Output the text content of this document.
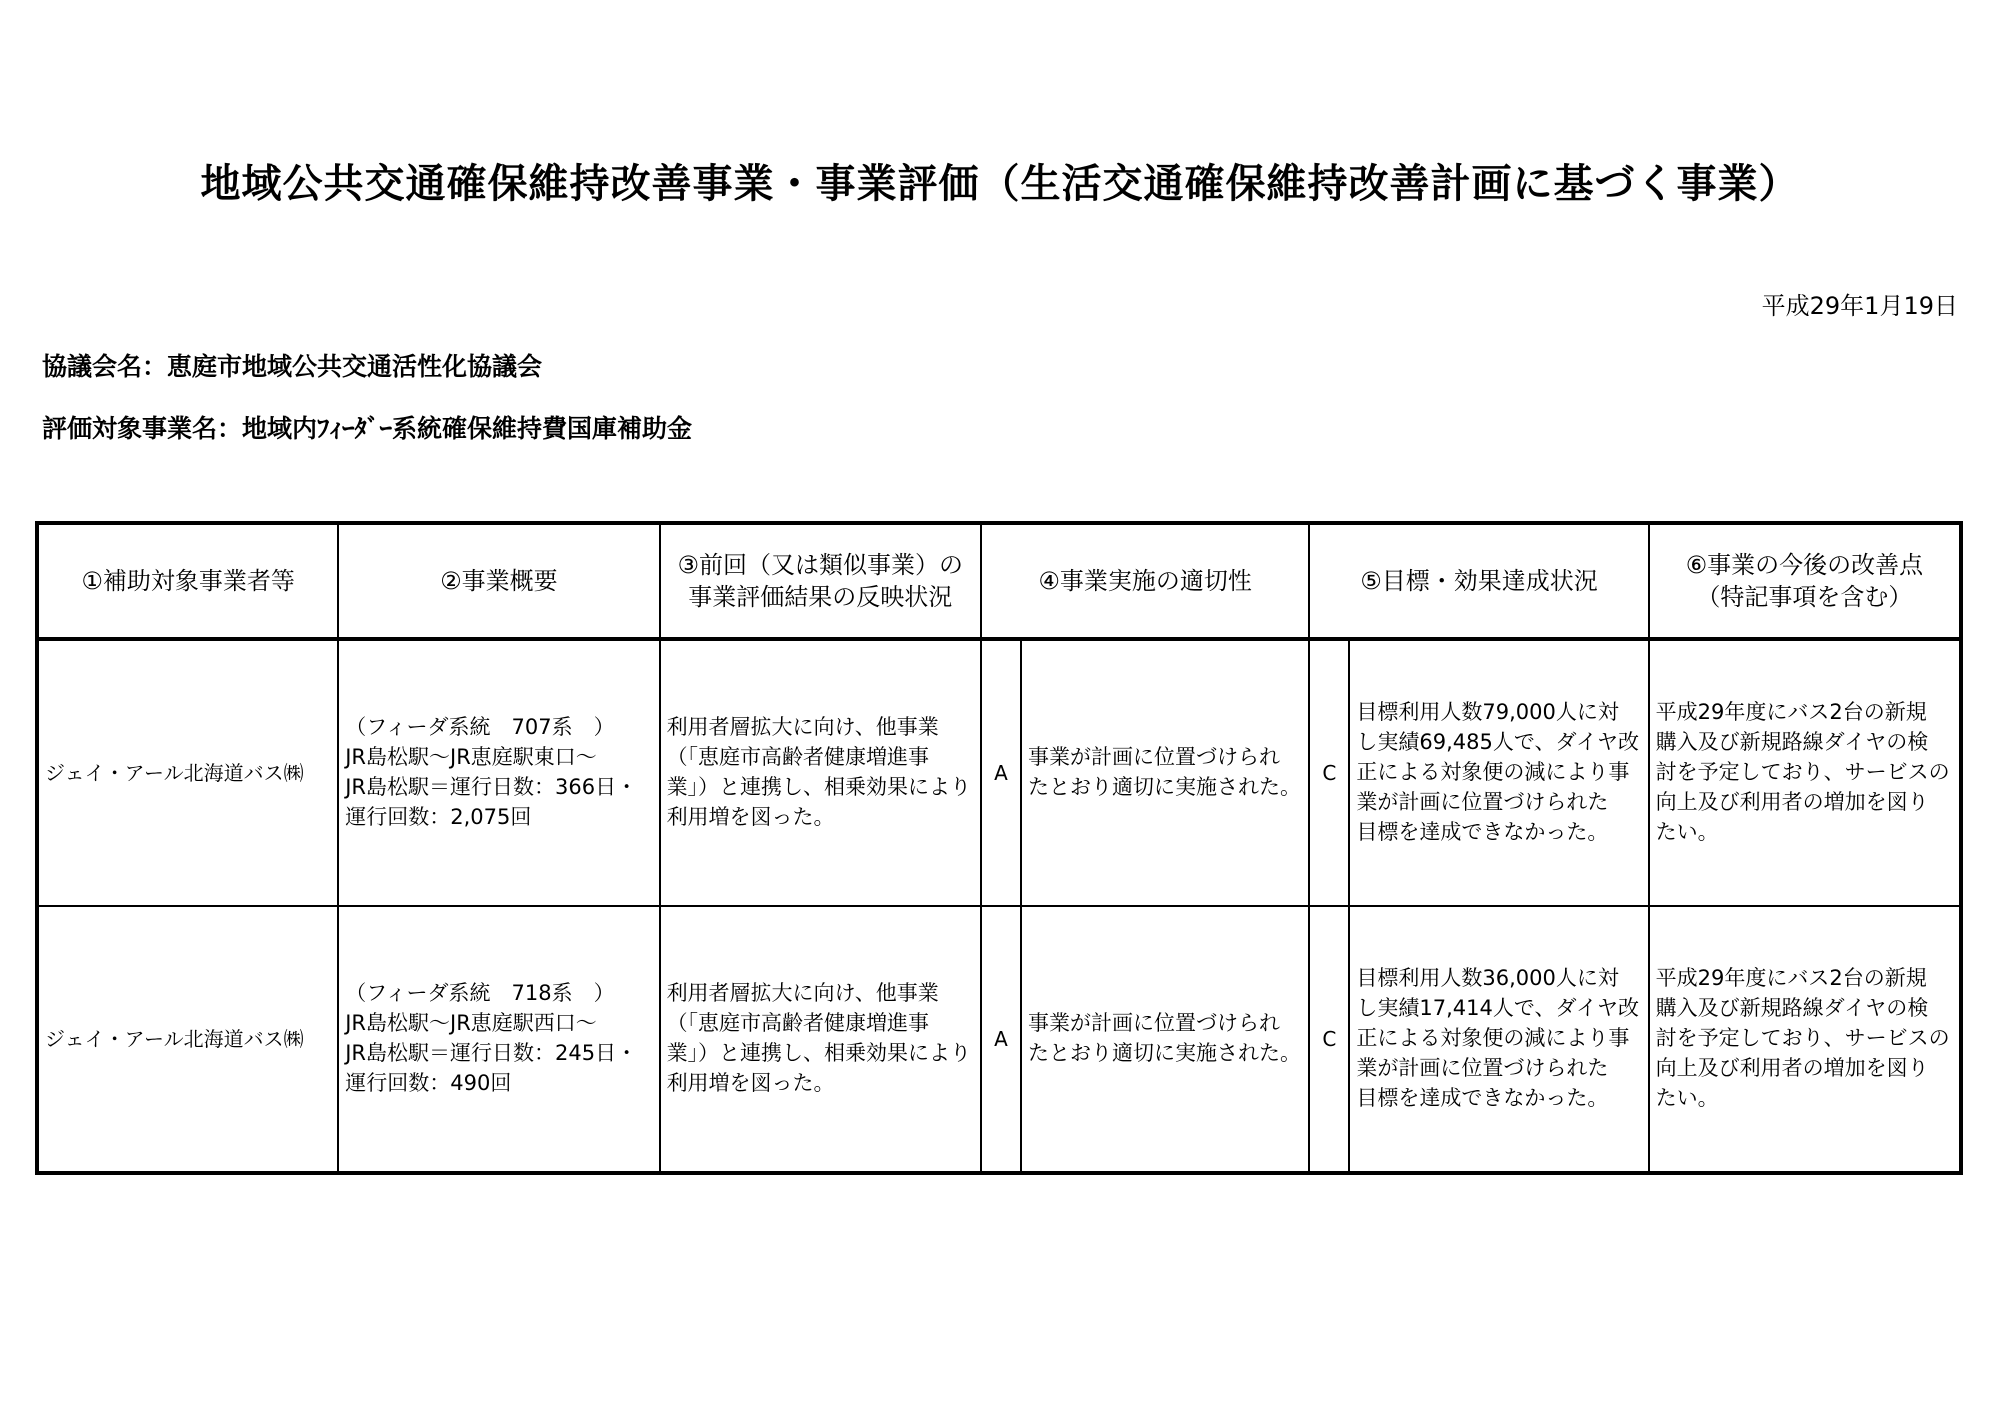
地域公共交通確保維持改善事業・事業評価（生活交通確保維持改善計画に基づく事業）
平成29年1月19日
協議会名：恵庭市地域公共交通活性化協議会
評価対象事業名：地域内ﾌｨｰﾀﾞｰ系統確保維持費国庫補助金
①補助対象事業者等	②事業概要	③前回（又は類似事業）の
事業評価結果の反映状況	④事業実施の適切性		⑤目標・効果達成状況		⑥事業の今後の改善点
（特記事項を含む）

ジェイ・アール北海道バス㈱	（フィーダ系統　707系　）
JR島松駅～JR恵庭駅東口～
JR島松駅＝運行日数：366日・
運行回数：2,075回	利用者層拡大に向け、他事業
（「恵庭市高齢者健康増進事
業」）と連携し、相乗効果により
利用増を図った。	A	事業が計画に位置づけられ
たとおり適切に実施された。	C	目標利用人数79,000人に対
し実績69,485人で、ダイヤ改
正による対象便の減により事
業が計画に位置づけられた
目標を達成できなかった。	平成29年度にバス2台の新規
購入及び新規路線ダイヤの検
討を予定しており、サービスの
向上及び利用者の増加を図り
たい。

ジェイ・アール北海道バス㈱	（フィーダ系統　718系　）
JR島松駅～JR恵庭駅西口～
JR島松駅＝運行日数：245日・
運行回数：490回	利用者層拡大に向け、他事業
（「恵庭市高齢者健康増進事
業」）と連携し、相乗効果により
利用増を図った。	A	事業が計画に位置づけられ
たとおり適切に実施された。	C	目標利用人数36,000人に対
し実績17,414人で、ダイヤ改
正による対象便の減により事
業が計画に位置づけられた
目標を達成できなかった。	平成29年度にバス2台の新規
購入及び新規路線ダイヤの検
討を予定しており、サービスの
向上及び利用者の増加を図り
たい。
